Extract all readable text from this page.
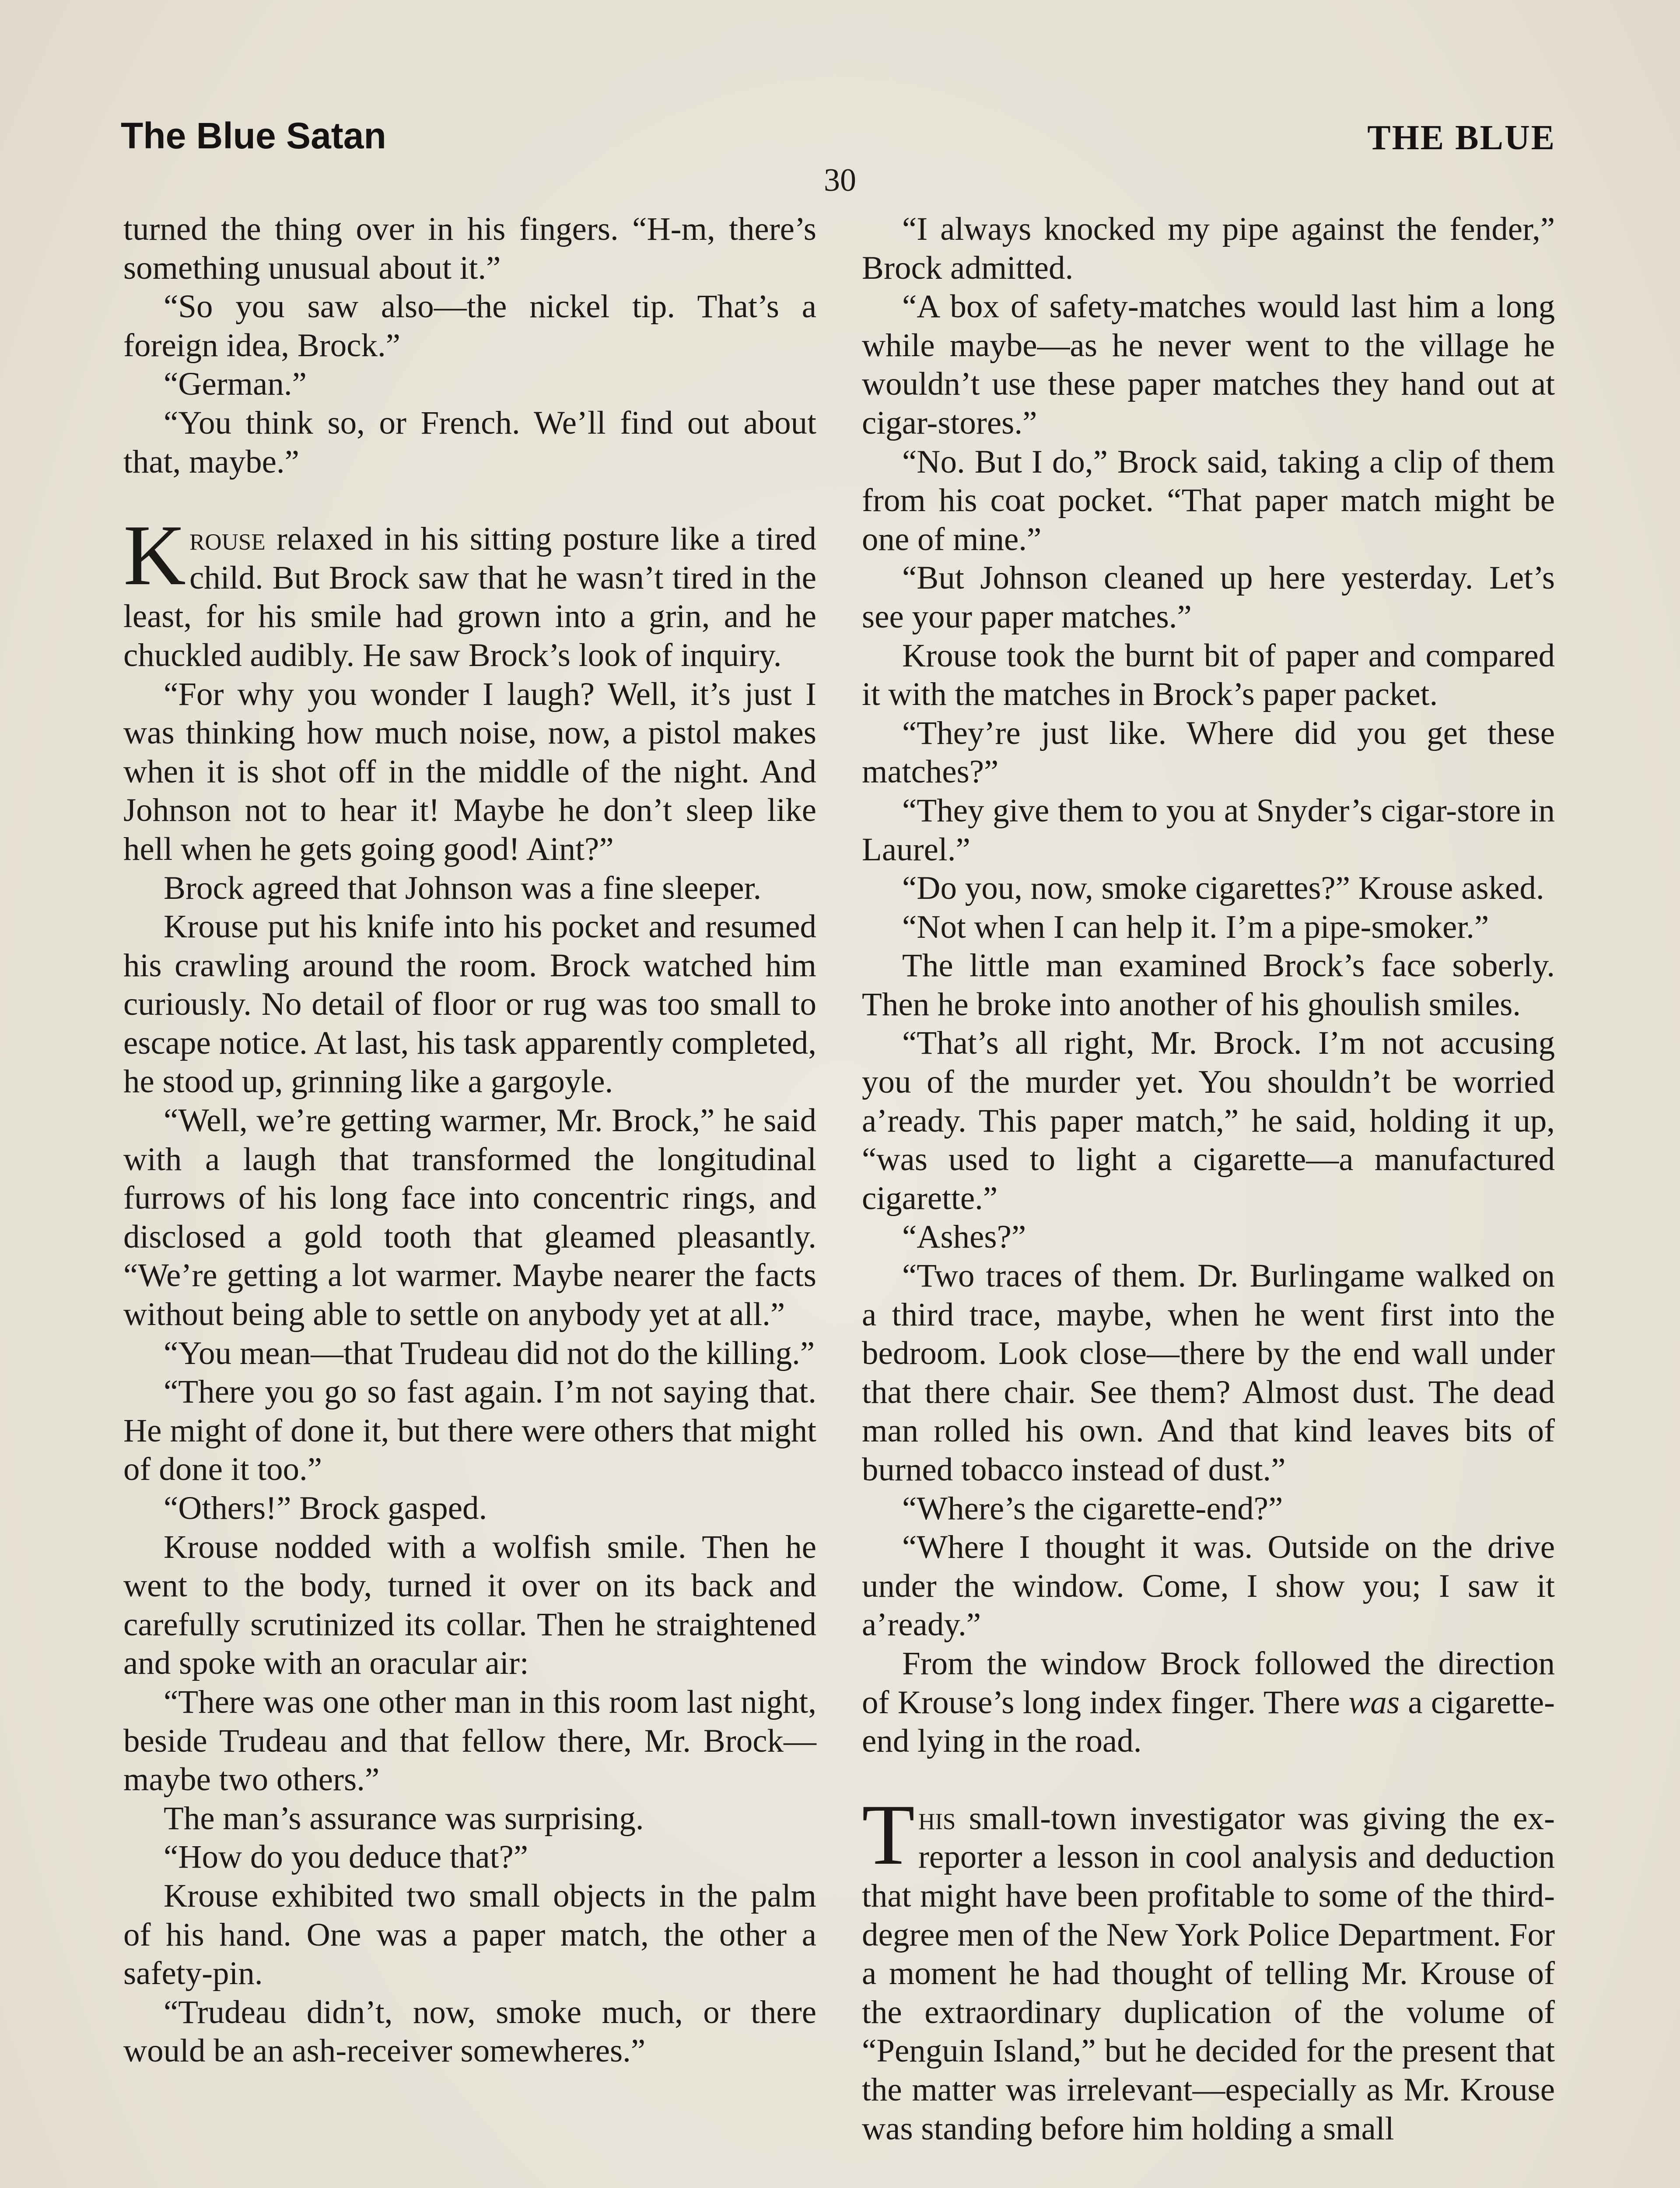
The Blue Satan	THE BLUE
30

turned the thing over in his fingers. “H-m, there’s something unusual about it.”

“So you saw also—the nickel tip. That’s a foreign idea, Brock.”

“German.”

“You think so, or French. We’ll find out about that, maybe.”

Krouse relaxed in his sitting posture like a tired child. But Brock saw that he wasn’t tired in the least, for his smile had grown into a grin, and he chuckled audibly. He saw Brock’s look of inquiry.

“For why you wonder I laugh? Well, it’s just I was thinking how much noise, now, a pistol makes when it is shot off in the middle of the night. And Johnson not to hear it! Maybe he don’t sleep like hell when he gets going good! Aint?”

Brock agreed that Johnson was a fine sleeper.

Krouse put his knife into his pocket and resumed his crawling around the room. Brock watched him curiously. No detail of floor or rug was too small to escape notice. At last, his task apparently completed, he stood up, grinning like a gargoyle.

“Well, we’re getting warmer, Mr. Brock,” he said with a laugh that transformed the longitudinal furrows of his long face into concentric rings, and disclosed a gold tooth that gleamed pleasantly. “We’re getting a lot warmer. Maybe nearer the facts without being able to settle on anybody yet at all.”

“You mean—that Trudeau did not do the killing.”

“There you go so fast again. I’m not saying that. He might of done it, but there were others that might of done it too.”

“Others!” Brock gasped.

Krouse nodded with a wolfish smile. Then he went to the body, turned it over on its back and carefully scrutinized its collar. Then he straightened and spoke with an oracular air:

“There was one other man in this room last night, beside Trudeau and that fellow there, Mr. Brock—maybe two others.”

The man’s assurance was surprising.

“How do you deduce that?”

Krouse exhibited two small objects in the palm of his hand. One was a paper match, the other a safety-pin.

“Trudeau didn’t, now, smoke much, or there would be an ash-receiver somewheres.”

“I always knocked my pipe against the fender,” Brock admitted.

“A box of safety-matches would last him a long while maybe—as he never went to the village he wouldn’t use these paper matches they hand out at cigar-stores.”

“No. But I do,” Brock said, taking a clip of them from his coat pocket. “That paper match might be one of mine.”

“But Johnson cleaned up here yesterday. Let’s see your paper matches.”

Krouse took the burnt bit of paper and compared it with the matches in Brock’s paper packet.

“They’re just like. Where did you get these matches?”

“They give them to you at Snyder’s cigar-store in Laurel.”

“Do you, now, smoke cigarettes?” Krouse asked.

“Not when I can help it. I’m a pipe-smoker.”

The little man examined Brock’s face soberly. Then he broke into another of his ghoulish smiles.

“That’s all right, Mr. Brock. I’m not accusing you of the murder yet. You shouldn’t be worried a’ready. This paper match,” he said, holding it up, “was used to light a cigarette—a manufactured cigarette.”

“Ashes?”

“Two traces of them. Dr. Burlingame walked on a third trace, maybe, when he went first into the bedroom. Look close—there by the end wall under that there chair. See them? Almost dust. The dead man rolled his own. And that kind leaves bits of burned tobacco instead of dust.”

“Where’s the cigarette-end?”

“Where I thought it was. Outside on the drive under the window. Come, I show you; I saw it a’ready.”

From the window Brock followed the direction of Krouse’s long index finger. There was a cigarette-end lying in the road.

This small-town investigator was giving the ex-reporter a lesson in cool analysis and deduction that might have been profitable to some of the third-degree men of the New York Police Department. For a moment he had thought of telling Mr. Krouse of the extraordinary duplication of the volume of “Penguin Island,” but he decided for the present that the matter was irrelevant—especially as Mr. Krouse was standing before him holding a small
